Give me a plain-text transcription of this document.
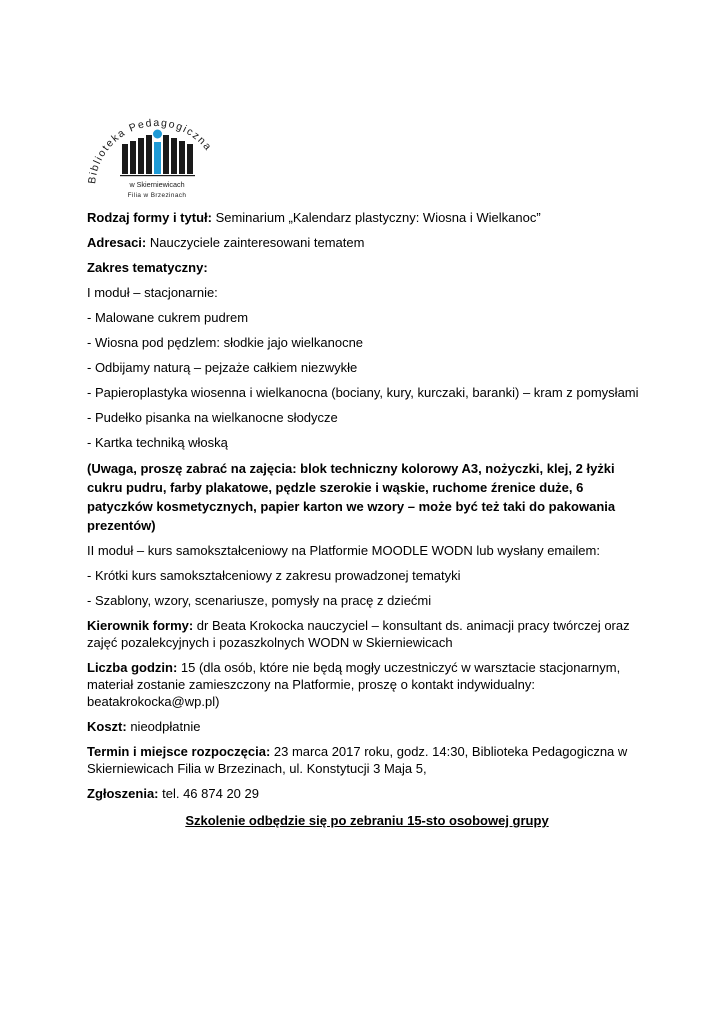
Biblioteka Pedagogiczna
w Skierniewicach
Filia w Brzezinach

Rodzaj formy i tytuł: Seminarium „Kalendarz plastyczny: Wiosna i Wielkanoc”

Adresaci: Nauczyciele zainteresowani tematem

Zakres tematyczny:

I moduł – stacjonarnie:

- Malowane cukrem pudrem

- Wiosna pod pędzlem: słodkie jajo wielkanocne

- Odbijamy naturą – pejzaże całkiem niezwykłe

- Papieroplastyka wiosenna i wielkanocna (bociany, kury, kurczaki, baranki) – kram z pomysłami

- Pudełko pisanka na wielkanocne słodycze

- Kartka techniką włoską

(Uwaga, proszę zabrać na zajęcia: blok techniczny kolorowy A3, nożyczki, klej, 2 łyżki cukru pudru, farby plakatowe, pędzle szerokie i wąskie, ruchome źrenice duże, 6 patyczków kosmetycznych, papier karton we wzory – może być też taki do pakowania prezentów)

II moduł – kurs samokształceniowy na Platformie MOODLE WODN lub wysłany emailem:

- Krótki kurs samokształceniowy z zakresu prowadzonej tematyki

- Szablony, wzory, scenariusze, pomysły na pracę z dziećmi

Kierownik formy: dr Beata Krokocka nauczyciel – konsultant ds. animacji pracy twórczej oraz zajęć pozalekcyjnych i pozaszkolnych WODN w Skierniewicach

Liczba godzin: 15 (dla osób, które nie będą mogły uczestniczyć w warsztacie stacjonarnym, materiał zostanie zamieszczony na Platformie, proszę o kontakt indywidualny: beatakrokocka@wp.pl)

Koszt: nieodpłatnie

Termin i miejsce rozpoczęcia: 23 marca 2017 roku, godz. 14:30, Biblioteka Pedagogiczna w Skierniewicach Filia w Brzezinach, ul. Konstytucji 3 Maja 5,

Zgłoszenia: tel. 46 874 20 29

Szkolenie odbędzie się po zebraniu 15-sto osobowej grupy
